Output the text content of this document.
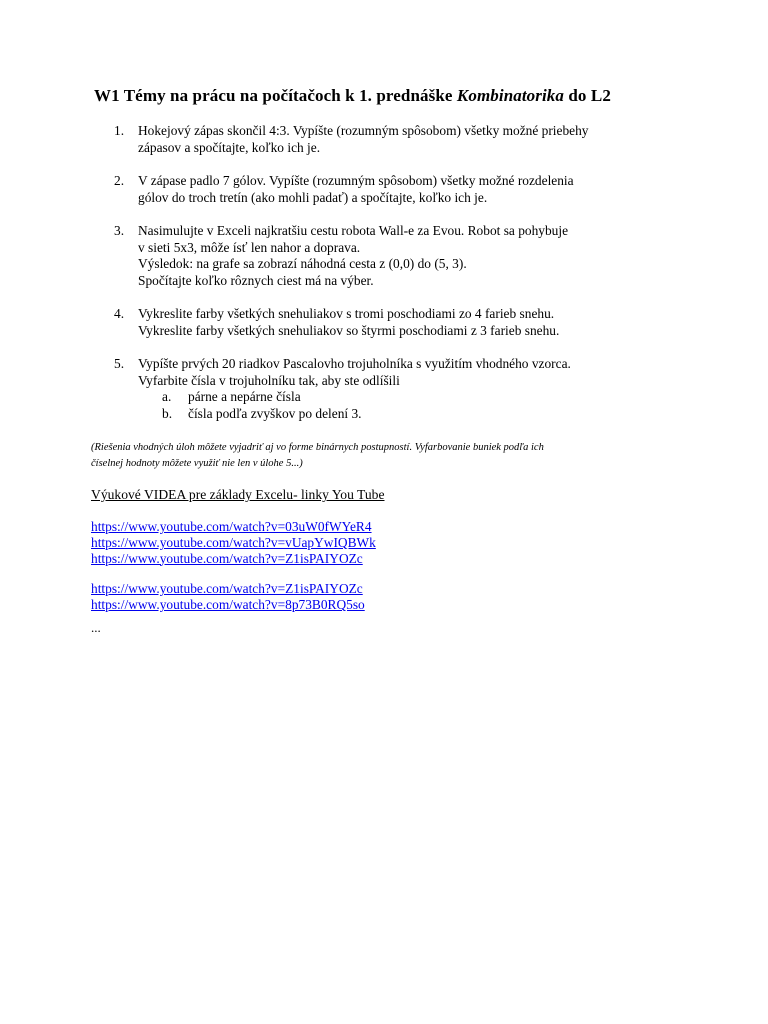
W1 Témy na prácu na počítačoch k 1. prednáške Kombinatorika do L2
1. Hokejový zápas skončil 4:3. Vypíšte (rozumným spôsobom) všetky možné priebehy
zápasov a spočítajte, koľko ich je.
2. V zápase padlo 7 gólov. Vypíšte (rozumným spôsobom) všetky možné rozdelenia
gólov do troch tretín (ako mohli padať) a spočítajte, koľko ich je.
3. Nasimulujte v Exceli najkratšiu cestu robota Wall-e za Evou. Robot sa pohybuje
v sieti 5x3, môže ísť len nahor a doprava.
Výsledok: na grafe sa zobrazí náhodná cesta z (0,0) do (5, 3).
Spočítajte koľko rôznych ciest má na výber.
4. Vykreslite farby všetkých snehuliakov s tromi poschodiami zo 4 farieb snehu.
Vykreslite farby všetkých snehuliakov so štyrmi poschodiami z 3 farieb snehu.
5. Vypíšte prvých 20 riadkov Pascalovho trojuholníka s využitím vhodného vzorca.
Vyfarbite čísla v trojuholníku tak, aby ste odlíšili
a. párne a nepárne čísla
b. čísla podľa zvyškov po delení 3.

(Riešenia vhodných úloh môžete vyjadriť aj vo forme binárnych postupností. Vyfarbovanie buniek podľa ich
číselnej hodnoty môžete využiť nie len v úlohe 5...)

Výukové VIDEA pre základy Excelu- linky You Tube

https://www.youtube.com/watch?v=03uW0fWYeR4
https://www.youtube.com/watch?v=vUapYwIQBWk
https://www.youtube.com/watch?v=Z1isPAIYOZc
https://www.youtube.com/watch?v=Z1isPAIYOZc
https://www.youtube.com/watch?v=8p73B0RQ5so

...
